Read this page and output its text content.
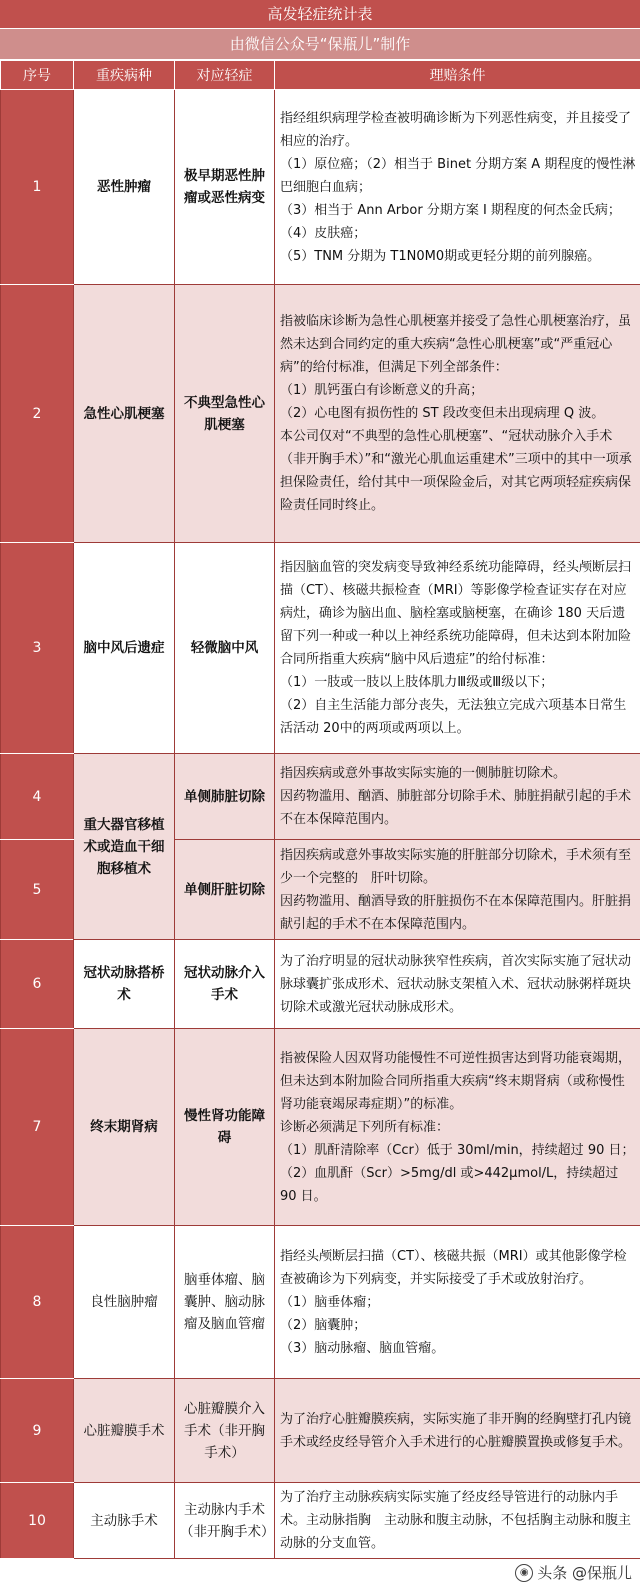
高发轻症统计表
由微信公众号“保瓶儿”制作
序号	重疾病种	对应轻症	理赔条件
1	恶性肿瘤	极早期恶性肿瘤或恶性病变	指经组织病理学检查被明确诊断为下列恶性病变，并且接受了相应的治疗。

（1）原位癌；（2）相当于 Binet 分期方案 A 期程度的慢性淋巴细胞白血病；

（3）相当于 Ann Arbor 分期方案 I 期程度的何杰金氏病；

（4）皮肤癌；

（5）TNM 分期为 T1N0M0期或更轻分期的前列腺癌。

2	急性心肌梗塞	不典型急性心肌梗塞	指被临床诊断为急性心肌梗塞并接受了急性心肌梗塞治疗，虽然未达到合同约定的重大疾病“急性心肌梗塞”或“严重冠心病”的给付标准，但满足下列全部条件：

（1）肌钙蛋白有诊断意义的升高；

（2）心电图有损伤性的 ST 段改变但未出现病理 Q 波。

本公司仅对“不典型的急性心肌梗塞”、“冠状动脉介入手术（非开胸手术）”和“激光心肌血运重建术”三项中的其中一项承担保险责任，给付其中一项保险金后，对其它两项轻症疾病保险责任同时终止。

3	脑中风后遗症	轻微脑中风	指因脑血管的突发病变导致神经系统功能障碍，经头颅断层扫描（CT）、核磁共振检查（MRI）等影像学检查证实存在对应病灶，确诊为脑出血、脑栓塞或脑梗塞，在确诊 180 天后遗留下列一种或一种以上神经系统功能障碍，但未达到本附加险合同所指重大疾病“脑中风后遗症”的给付标准：

（1）一肢或一肢以上肢体肌力Ⅲ级或Ⅲ级以下；

（2）自主生活能力部分丧失，无法独立完成六项基本日常生活活动 20中的两项或两项以上。

4	重大器官移植术或造血干细胞移植术	单侧肺脏切除	指因疾病或意外事故实际实施的一侧肺脏切除术。

因药物滥用、酗酒、肺脏部分切除手术、肺脏捐献引起的手术不在本保障范围内。

5		单侧肝脏切除	指因疾病或意外事故实际实施的肝脏部分切除术，手术须有至少一个完整的　肝叶切除。

因药物滥用、酗酒导致的肝脏损伤不在本保障范围内。肝脏捐献引起的手术不在本保障范围内。

6	冠状动脉搭桥术	冠状动脉介入手术	为了治疗明显的冠状动脉狭窄性疾病，首次实际实施了冠状动脉球囊扩张成形术、冠状动脉支架植入术、冠状动脉粥样斑块切除术或激光冠状动脉成形术。

7	终末期肾病	慢性肾功能障碍	指被保险人因双肾功能慢性不可逆性损害达到肾功能衰竭期，但未达到本附加险合同所指重大疾病“终末期肾病（或称慢性肾功能衰竭尿毒症期）”的标准。

诊断必须满足下列所有标准：

（1）肌酐清除率（Ccr）低于 30ml/min，持续超过 90 日；

（2）血肌酐（Scr）>5mg/dl 或>442μmol/L，持续超过 90 日。

8	良性脑肿瘤	脑垂体瘤、脑囊肿、脑动脉瘤及脑血管瘤	指经头颅断层扫描（CT）、核磁共振（MRI）或其他影像学检查被确诊为下列病变，并实际接受了手术或放射治疗。

（1）脑垂体瘤；

（2）脑囊肿；

（3）脑动脉瘤、脑血管瘤。

9	心脏瓣膜手术	心脏瓣膜介入手术（非开胸手术）	为了治疗心脏瓣膜疾病，实际实施了非开胸的经胸壁打孔内镜手术或经皮经导管介入手术进行的心脏瓣膜置换或修复手术。

10	主动脉手术	主动脉内手术（非开胸手术）	为了治疗主动脉疾病实际实施了经皮经导管进行的动脉内手术。主动脉指胸　主动脉和腹主动脉，不包括胸主动脉和腹主动脉的分支血管。

◉ 头条 @保瓶儿
